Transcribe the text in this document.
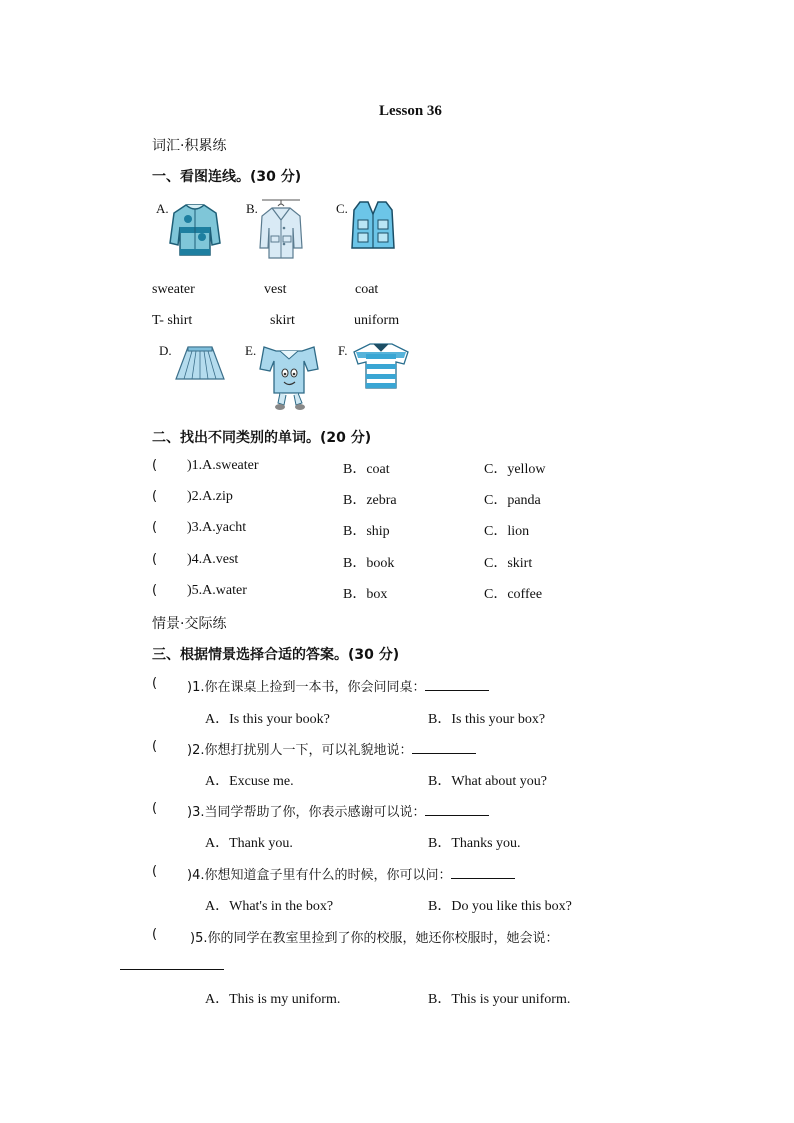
Lesson 36
词汇·积累练
一、看图连线。(30 分)
A.	B.	C.
sweater	vest	coat
T- shirt	skirt	uniform
D.	E.	F.
二、找出不同类别的单词。(20 分)
情景·交际练
三、根据情景选择合适的答案。(30 分)
( )1.A.sweater	B．coat	C．yellow
( )2.A.zip	B．zebra	C．panda
( )3.A.yacht	B．ship	C．lion
( )4.A.vest	B．book	C．skirt
( )5.A.water	B．box	C．coffee
( )1.你在课桌上捡到一本书，你会问同桌：
A．Is this your book?	B．Is this your box?
( )2.你想打扰别人一下，可以礼貌地说：
A．Excuse me.	B．What about you?
( )3.当同学帮助了你，你表示感谢可以说：
A．Thank you.	B．Thanks you.
( )4.你想知道盒子里有什么的时候，你可以问：
A．What's in the box?	B．Do you like this box?
(	)5.你的同学在教室里捡到了你的校服，她还你校服时，她会说：
A．This is my uniform.	B．This is your uniform.
